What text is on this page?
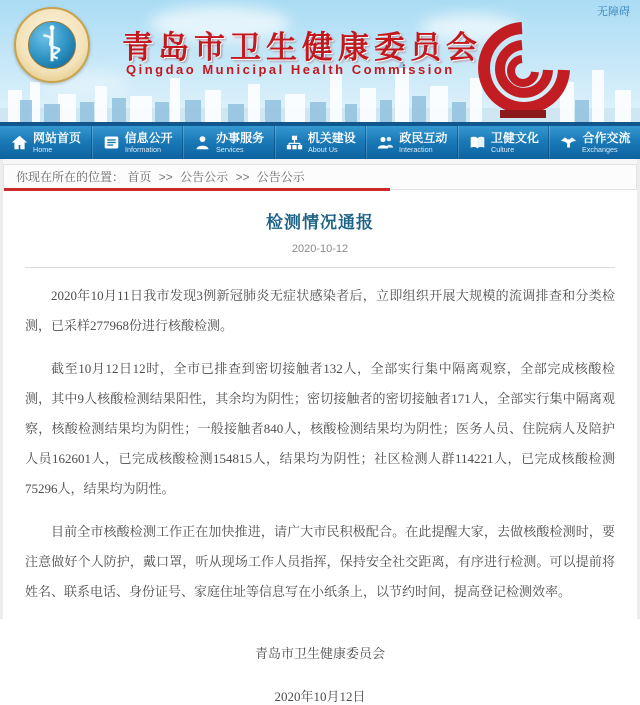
青岛市卫生健康委员会
Qingdao Municipal Health Commission
无障碍
网站首页
Home
信息公开
Information
办事服务
Services
机关建设
About Us
政民互动
Interaction
卫健文化
Culture
合作交流
Exchanges
你现在所在的位置： 首页 >> 公告公示 >> 公告公示
检测情况通报
2020-10-12

2020年10月11日我市发现3例新冠肺炎无症状感染者后，立即组织开展大规模的流调排查和分类检测，已采样277968份进行核酸检测。

截至10月12日12时，全市已排查到密切接触者132人，全部实行集中隔离观察，全部完成核酸检测，其中9人核酸检测结果阳性，其余均为阴性；密切接触者的密切接触者171人，全部实行集中隔离观察，核酸检测结果均为阴性；一般接触者840人，核酸检测结果均为阴性；医务人员、住院病人及陪护人员162601人，已完成核酸检测154815人，结果均为阴性；社区检测人群114221人，已完成核酸检测75296人，结果均为阴性。

目前全市核酸检测工作正在加快推进，请广大市民积极配合。在此提醒大家，去做核酸检测时，要注意做好个人防护，戴口罩，听从现场工作人员指挥，保持安全社交距离，有序进行检测。可以提前将姓名、联系电话、身份证号、家庭住址等信息写在小纸条上，以节约时间，提高登记检测效率。

青岛市卫生健康委员会
2020年10月12日
